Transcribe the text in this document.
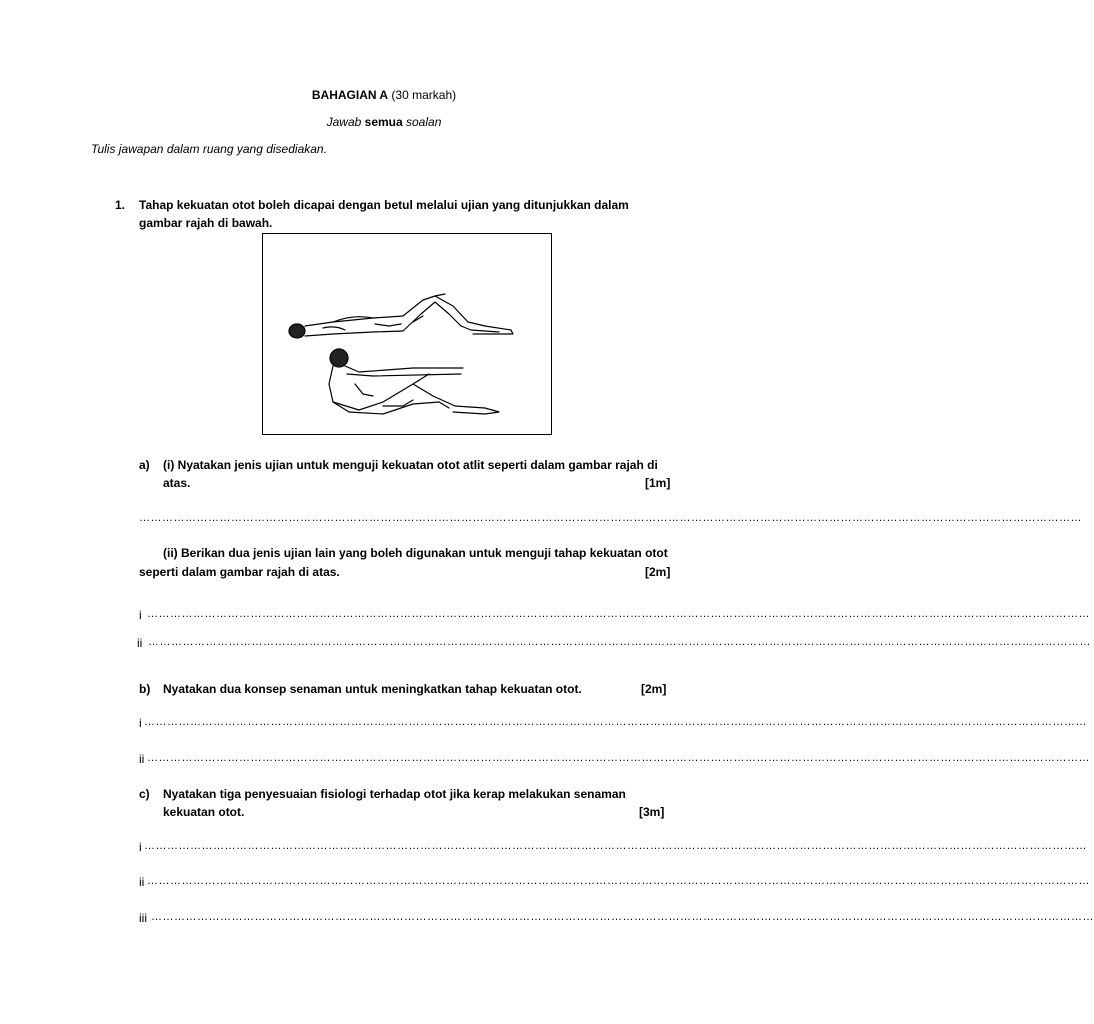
BAHAGIAN A (30 markah)
Jawab semua soalan
Tulis jawapan dalam ruang yang disediakan.
1. Tahap kekuatan otot boleh dicapai dengan betul melalui ujian yang ditunjukkan dalam
gambar rajah di bawah.
a) (i) Nyatakan jenis ujian untuk menguji kekuatan otot atlit seperti dalam gambar rajah di
atas.	[1m]
…………………………………………………………………………………………………………………………………………………………………………………………………………………………
(ii) Berikan dua jenis ujian lain yang boleh digunakan untuk menguji tahap kekuatan otot
seperti dalam gambar rajah di atas.	[2m]
i …………………………………………………………………………………………………………………………………………………………………………………………………………………………
ii …………………………………………………………………………………………………………………………………………………………………………………………………………………………
b) Nyatakan dua konsep senaman untuk meningkatkan tahap kekuatan otot.	[2m]
i …………………………………………………………………………………………………………………………………………………………………………………………………………………………
ii …………………………………………………………………………………………………………………………………………………………………………………………………………………………
c) Nyatakan tiga penyesuaian fisiologi terhadap otot jika kerap melakukan senaman
kekuatan otot.	[3m]
i …………………………………………………………………………………………………………………………………………………………………………………………………………………………
ii …………………………………………………………………………………………………………………………………………………………………………………………………………………………
iii …………………………………………………………………………………………………………………………………………………………………………………………………………………………
